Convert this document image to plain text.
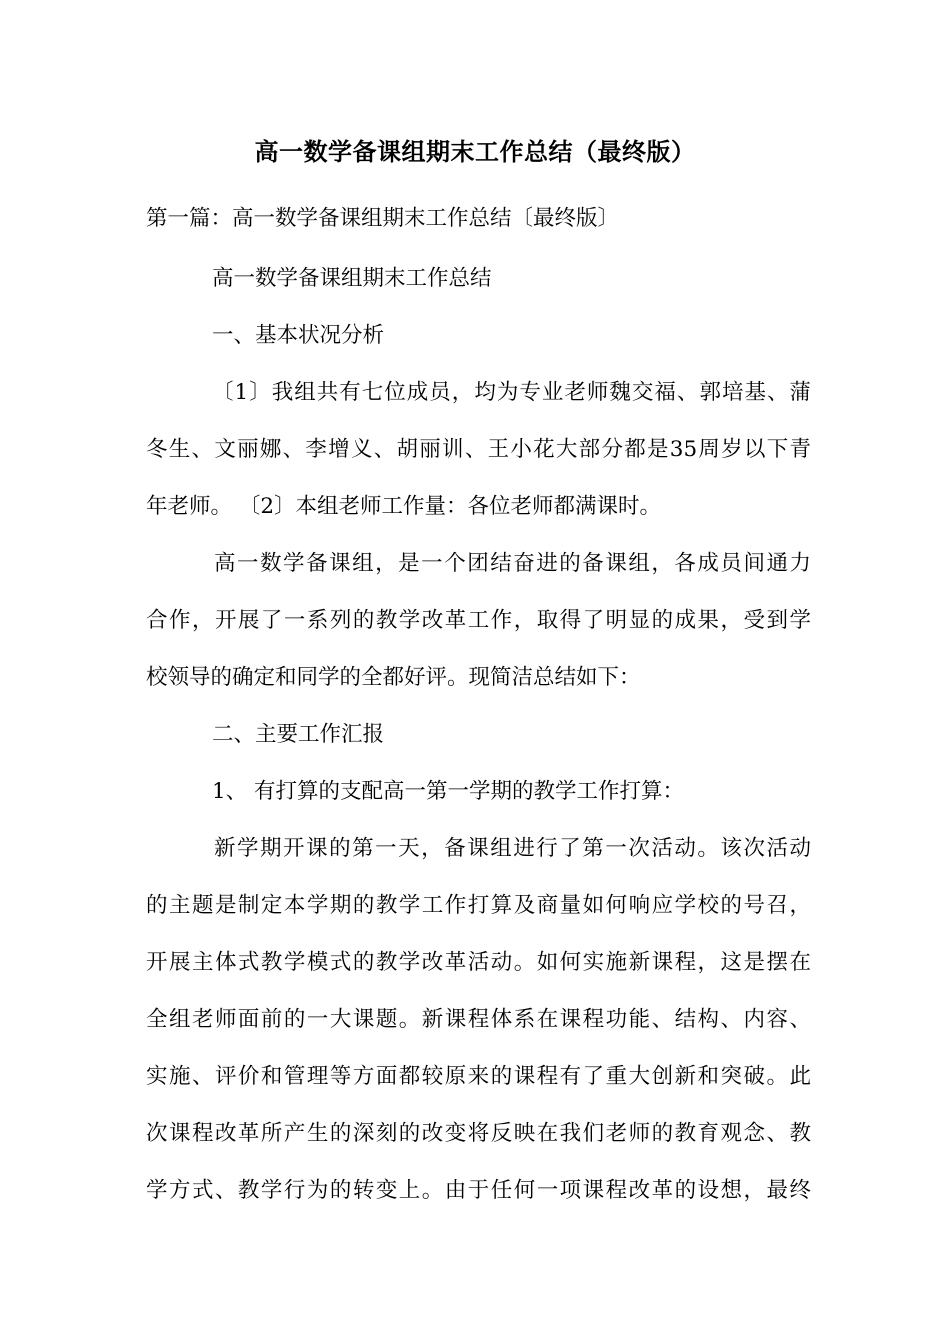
高一数学备课组期末工作总结（最终版）
第一篇：高一数学备课组期末工作总结〔最终版〕
高一数学备课组期末工作总结
一、基本状况分析
〔1〕我组共有七位成员，均为专业老师魏交福、郭培基、蒲
冬生、文丽娜、李增义、胡丽训、王小花大部分都是35周岁以下青
年老师。 〔2〕本组老师工作量：各位老师都满课时。
高一数学备课组，是一个团结奋进的备课组，各成员间通力
合作，开展了一系列的教学改革工作，取得了明显的成果，受到学
校领导的确定和同学的全都好评。现简洁总结如下：
二、主要工作汇报
1、 有打算的支配高一第一学期的教学工作打算：
新学期开课的第一天，备课组进行了第一次活动。该次活动
的主题是制定本学期的教学工作打算及商量如何响应学校的号召，
开展主体式教学模式的教学改革活动。如何实施新课程，这是摆在
全组老师面前的一大课题。新课程体系在课程功能、结构、内容、
实施、评价和管理等方面都较原来的课程有了重大创新和突破。此
次课程改革所产生的深刻的改变将反映在我们老师的教育观念、教
学方式、教学行为的转变上。由于任何一项课程改革的设想，最终
